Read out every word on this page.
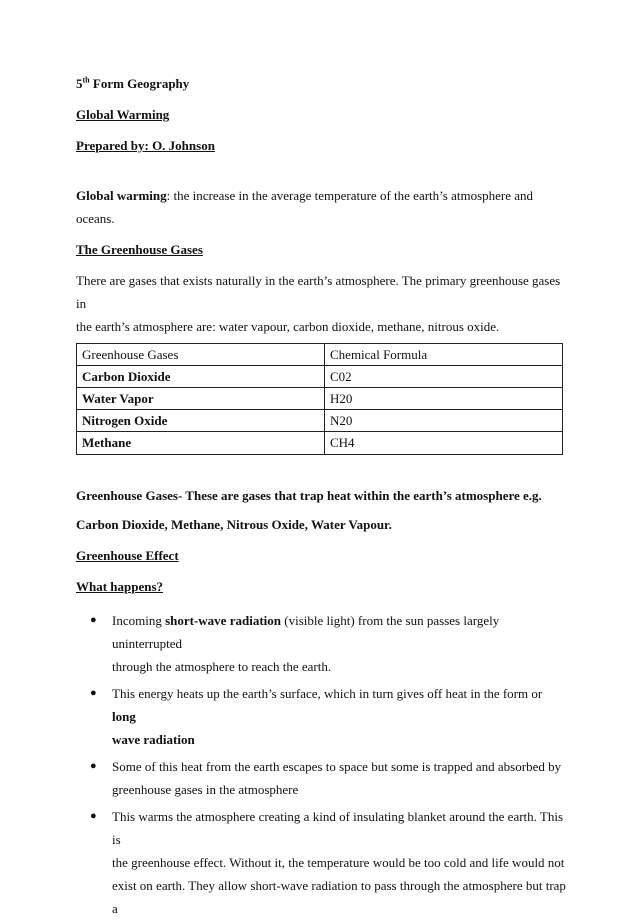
5th Form Geography

Global Warming

Prepared by: O. Johnson

Global warming: the increase in the average temperature of the earth’s atmosphere and oceans.

The Greenhouse Gases

There are gases that exists naturally in the earth’s atmosphere. The primary greenhouse gases in

the earth’s atmosphere are: water vapour, carbon dioxide, methane, nitrous oxide.

Greenhouse Gases	Chemical Formula
Carbon Dioxide	C02
Water Vapor	H20
Nitrogen Oxide	N20
Methane	CH4

Greenhouse Gases- These are gases that trap heat within the earth’s atmosphere e.g.

Carbon Dioxide, Methane, Nitrous Oxide, Water Vapour.

Greenhouse Effect

What happens?

● Incoming short-wave radiation (visible light) from the sun passes largely uninterrupted
through the atmosphere to reach the earth.
● This energy heats up the earth’s surface, which in turn gives off heat in the form or long
wave radiation
● Some of this heat from the earth escapes to space but some is trapped and absorbed by
greenhouse gases in the atmosphere
● This warms the atmosphere creating a kind of insulating blanket around the earth. This is
the greenhouse effect. Without it, the temperature would be too cold and life would not
exist on earth. They allow short-wave radiation to pass through the atmosphere but trap a
